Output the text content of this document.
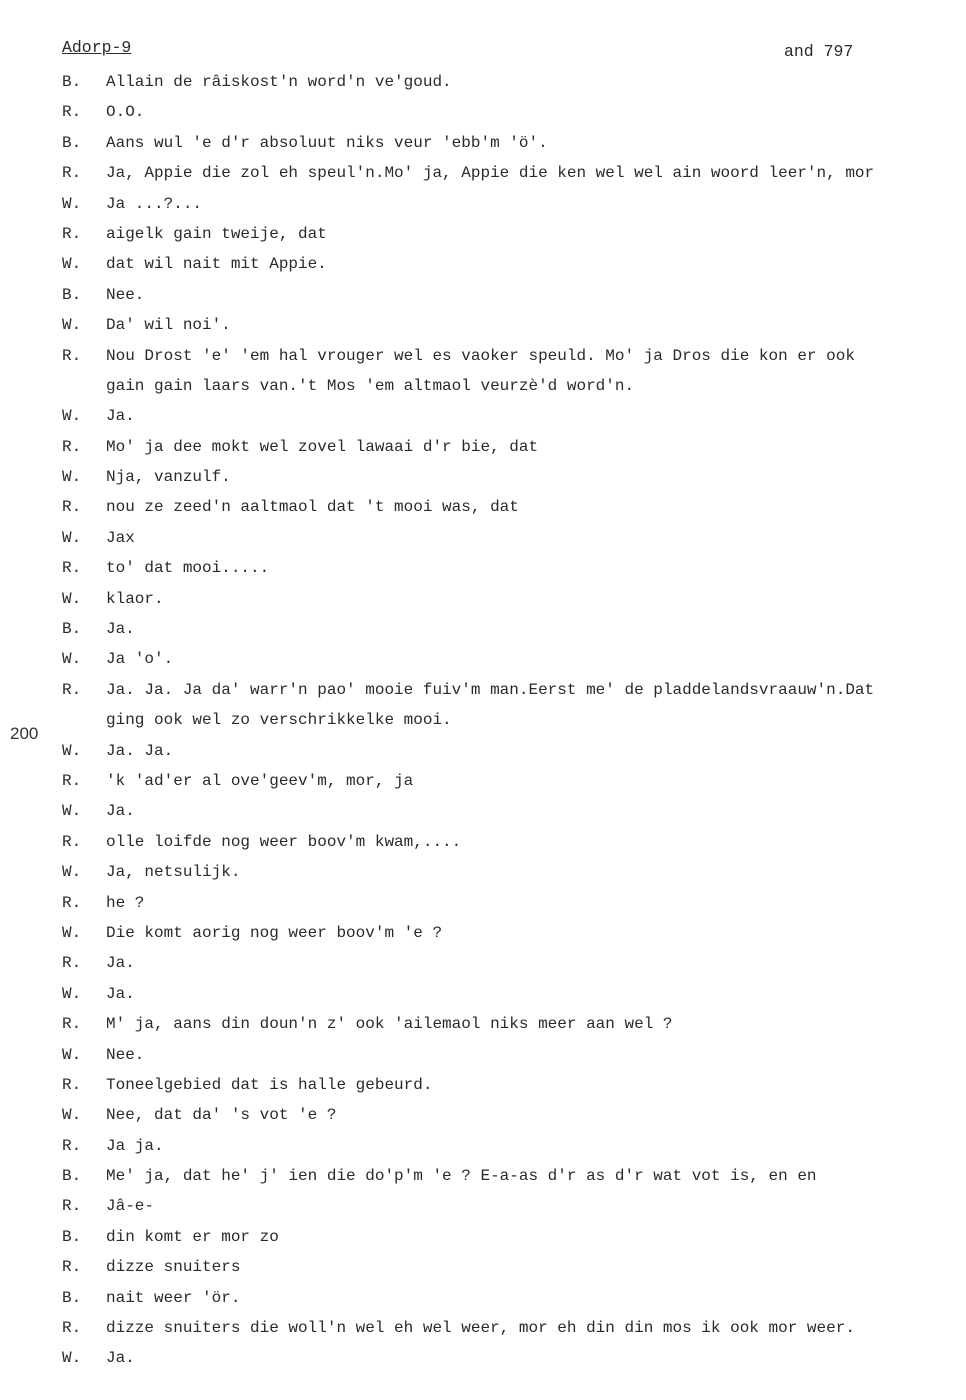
Adorp-9	and 797
200
B.	Allain de râiskost'n word'n ve'goud.
R.	O.O.
B.	Aans wul 'e d'r absoluut niks veur 'ebb'm 'ö'.
R.	Ja, Appie die zol eh speul'n.Mo' ja, Appie die ken wel wel ain woord leer'n, mor
W.	Ja ...?...
R.	aigelk gain tweije, dat
W.	dat wil nait mit Appie.
B.	Nee.
W.	Da' wil noi'.
R.	Nou Drost 'e' 'em hal vrouger wel es vaoker speuld. Mo' ja Dros die kon er ook
gain gain laars van.'t Mos 'em altmaol veurzè'd word'n.
W.	Ja.
R.	Mo' ja dee mokt wel zovel lawaai d'r bie, dat
W.	Nja, vanzulf.
R.	nou ze zeed'n aaltmaol dat 't mooi was, dat
W.	Jax
R.	to' dat mooi.....
W.	klaor.
B.	Ja.
W.	Ja 'o'.
R.	Ja. Ja. Ja da' warr'n pao' mooie fuiv'm man.Eerst me' de pladdelandsvraauw'n.Dat
ging ook wel zo verschrikkelke mooi.
W.	Ja. Ja.
R.	'k 'ad'er al ove'geev'm, mor, ja
W.	Ja.
R.	olle loifde nog weer boov'm kwam,....
W.	Ja, netsulijk.
R.	he ?
W.	Die komt aorig nog weer boov'm 'e ?
R.	Ja.
W.	Ja.
R.	M' ja, aans din doun'n z' ook 'ailemaol niks meer aan wel ?
W.	Nee.
R.	Toneelgebied dat is halle gebeurd.
W.	Nee, dat da' 's vot 'e ?
R.	Ja ja.
B.	Me' ja, dat he' j' ien die do'p'm 'e ? E-a-as d'r as d'r wat vot is, en en
R.	Jâ-e-
B.	din komt er mor zo
R.	dizze snuiters
B.	nait weer 'ör.
R.	dizze snuiters die woll'n wel eh wel weer, mor eh din din mos ik ook mor weer.
W.	Ja.
